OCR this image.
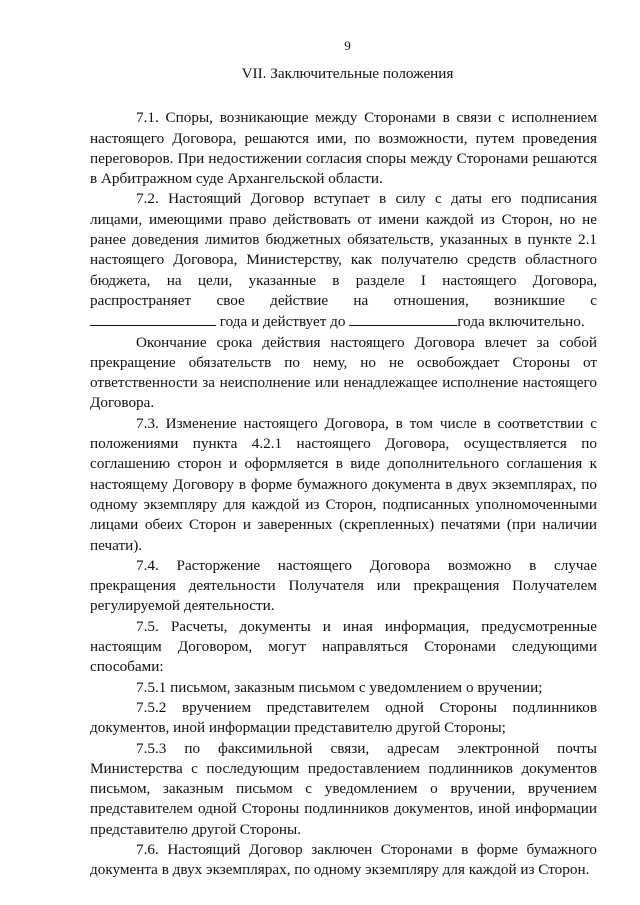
9
VII. Заключительные положения
7.1. Споры, возникающие между Сторонами в связи с исполнением
настоящего Договора, решаются ими, по возможности, путем проведения
переговоров. При недостижении согласия споры между Сторонами решаются
в Арбитражном суде Архангельской области.
7.2. Настоящий Договор вступает в силу с даты его подписания
лицами, имеющими право действовать от имени каждой из Сторон, но не
ранее доведения лимитов бюджетных обязательств, указанных в пункте 2.1
настоящего Договора, Министерству, как получателю средств областного
бюджета, на цели, указанные в разделе I настоящего Договора,
распространяет свое действие на отношения, возникшие с
года и действует до	года включительно.
Окончание срока действия настоящего Договора влечет за собой
прекращение обязательств по нему, но не освобождает Стороны от
ответственности за неисполнение или ненадлежащее исполнение настоящего
Договора.
7.3. Изменение настоящего Договора, в том числе в соответствии с
положениями пункта 4.2.1 настоящего Договора, осуществляется по
соглашению сторон и оформляется в виде дополнительного соглашения к
настоящему Договору в форме бумажного документа в двух экземплярах, по
одному экземпляру для каждой из Сторон, подписанных уполномоченными
лицами обеих Сторон и заверенных (скрепленных) печатями (при наличии
печати).
7.4. Расторжение настоящего Договора возможно в случае
прекращения деятельности Получателя или прекращения Получателем
регулируемой деятельности.
7.5. Расчеты, документы и иная информация, предусмотренные
настоящим Договором, могут направляться Сторонами следующими
способами:
7.5.1 письмом, заказным письмом с уведомлением о вручении;
7.5.2 вручением представителем одной Стороны подлинников
документов, иной информации представителю другой Стороны;
7.5.3 по факсимильной связи, адресам электронной почты
Министерства с последующим предоставлением подлинников документов
письмом, заказным письмом с уведомлением о вручении, вручением
представителем одной Стороны подлинников документов, иной информации
представителю другой Стороны.
7.6. Настоящий Договор заключен Сторонами в форме бумажного
документа в двух экземплярах, по одному экземпляру для каждой из Сторон.
